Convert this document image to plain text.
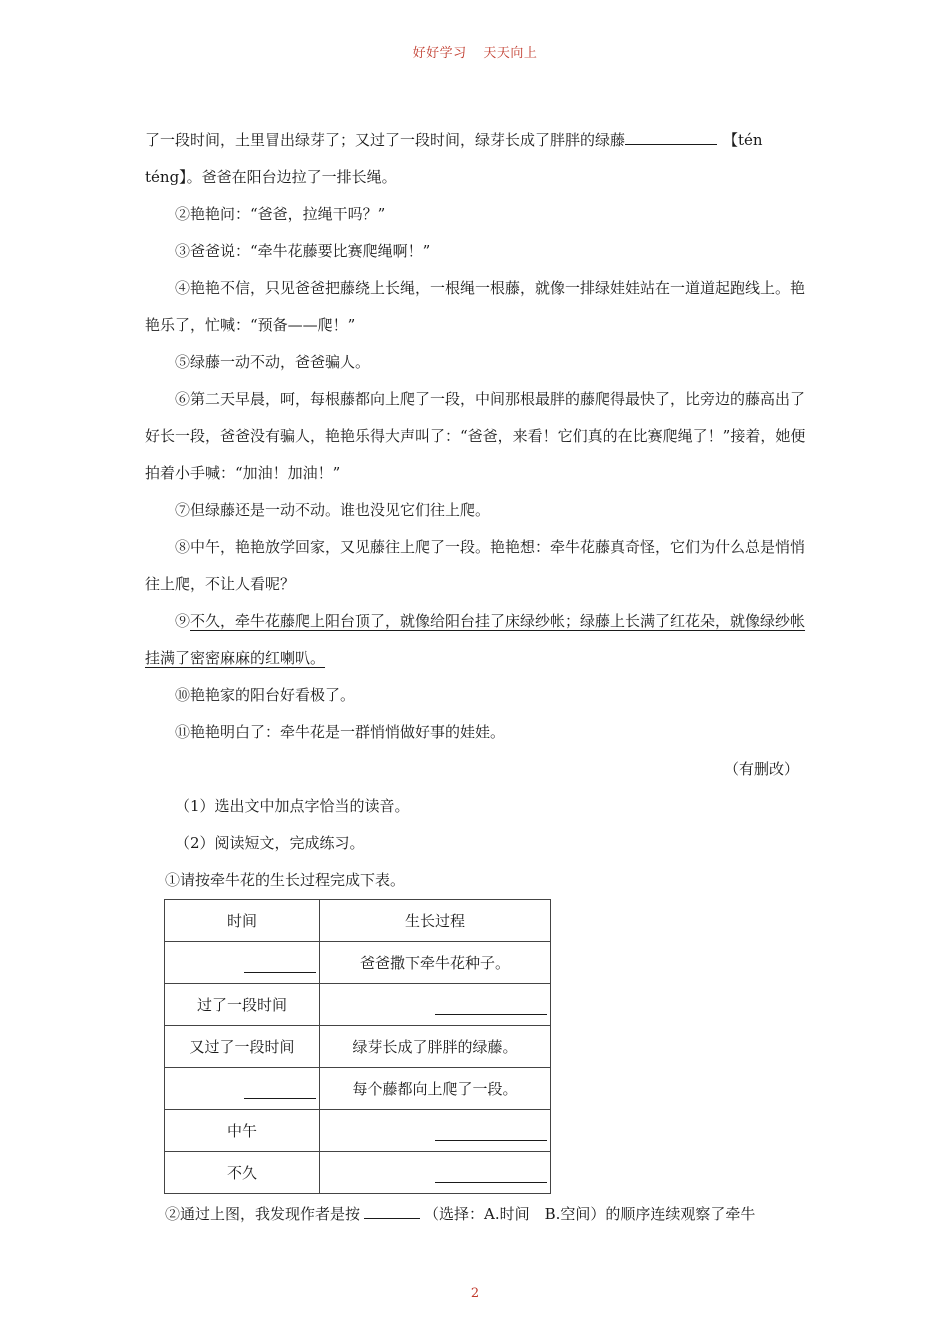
好好学习 天天向上

了一段时间，土里冒出绿芽了；又过了一段时间，绿芽长成了胖胖的绿藤	【tén
téng】。爸爸在阳台边拉了一排长绳。

②艳艳问：“爸爸，拉绳干吗？”

③爸爸说：“牵牛花藤要比赛爬绳啊！”

④艳艳不信，只见爸爸把藤绕上长绳，一根绳一根藤，就像一排绿娃娃站在一道道起跑线上。艳艳乐了，忙喊：“预备——爬！”

⑤绿藤一动不动，爸爸骗人。

⑥第二天早晨，呵，每根藤都向上爬了一段，中间那根最胖的藤爬得最快了，比旁边的藤高出了好长一段，爸爸没有骗人，艳艳乐得大声叫了：“爸爸，来看！它们真的在比赛爬绳了！”接着，她便拍着小手喊：“加油！加油！”

⑦但绿藤还是一动不动。谁也没见它们往上爬。

⑧中午，艳艳放学回家，又见藤往上爬了一段。艳艳想：牵牛花藤真奇怪，它们为什么总是悄悄往上爬，不让人看呢？

⑨不久，牵牛花藤爬上阳台顶了，就像给阳台挂了床绿纱帐；绿藤上长满了红花朵，就像绿纱帐挂满了密密麻麻的红喇叭。

⑩艳艳家的阳台好看极了。

⑪艳艳明白了：牵牛花是一群悄悄做好事的娃娃。

（有删改）

（1）选出文中加点字恰当的读音。

（2）阅读短文，完成练习。

①请按牵牛花的生长过程完成下表。

时间	生长过程

	爸爸撒下牵牛花种子。
过了一段时间	

又过了一段时间	绿芽长成了胖胖的绿藤。

	每个藤都向上爬了一段。
中午	

不久	

②通过上图，我发现作者是按	（选择：A.时间　B.空间）的顺序连续观察了牵牛

2
